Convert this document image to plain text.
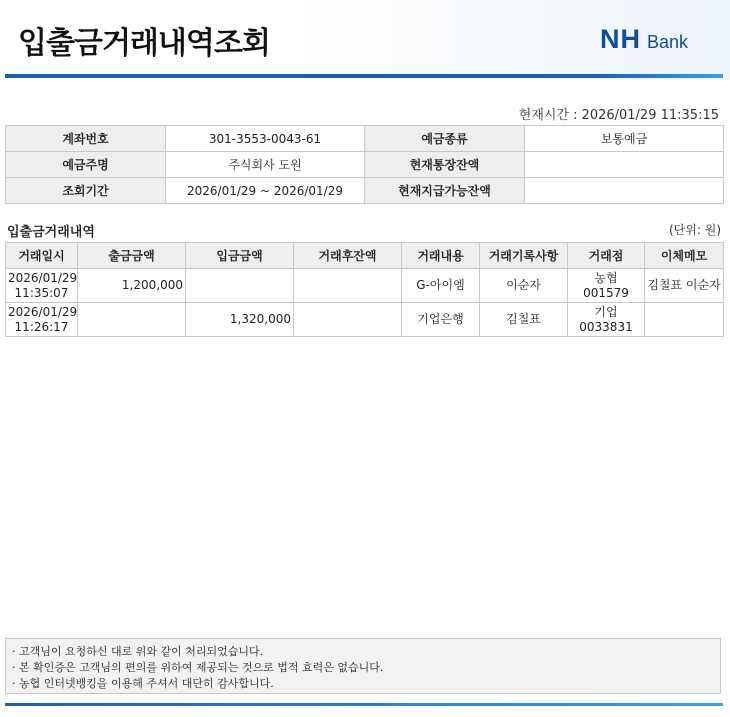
입출금거래내역조회	NH Bank
현재시간 : 2026/01/29 11:35:15
계좌번호	301-3553-0043-61	예금종류	보통예금
예금주명	주식회사 도원	현재통장잔액	
조회기간	2026/01/29 ~ 2026/01/29	현재지급가능잔액	
입출금거래내역	(단위: 원)
거래일시	출금금액	입금금액	거래후잔액	거래내용	거래기록사항	거래점	이체메모
2026/01/29
11:35:07	1,200,000			G-아이엠	이순자	농협 001579	김칠표 이순자
2026/01/29
11:26:17		1,320,000		기업은행	김칠표	기업 0033831	
· 고객님이 요청하신 대로 위와 같이 처리되었습니다.
· 본 확인증은 고객님의 편의를 위하여 제공되는 것으로 법적 효력은 없습니다.
· 농협 인터넷뱅킹을 이용해 주셔서 대단히 감사합니다.
